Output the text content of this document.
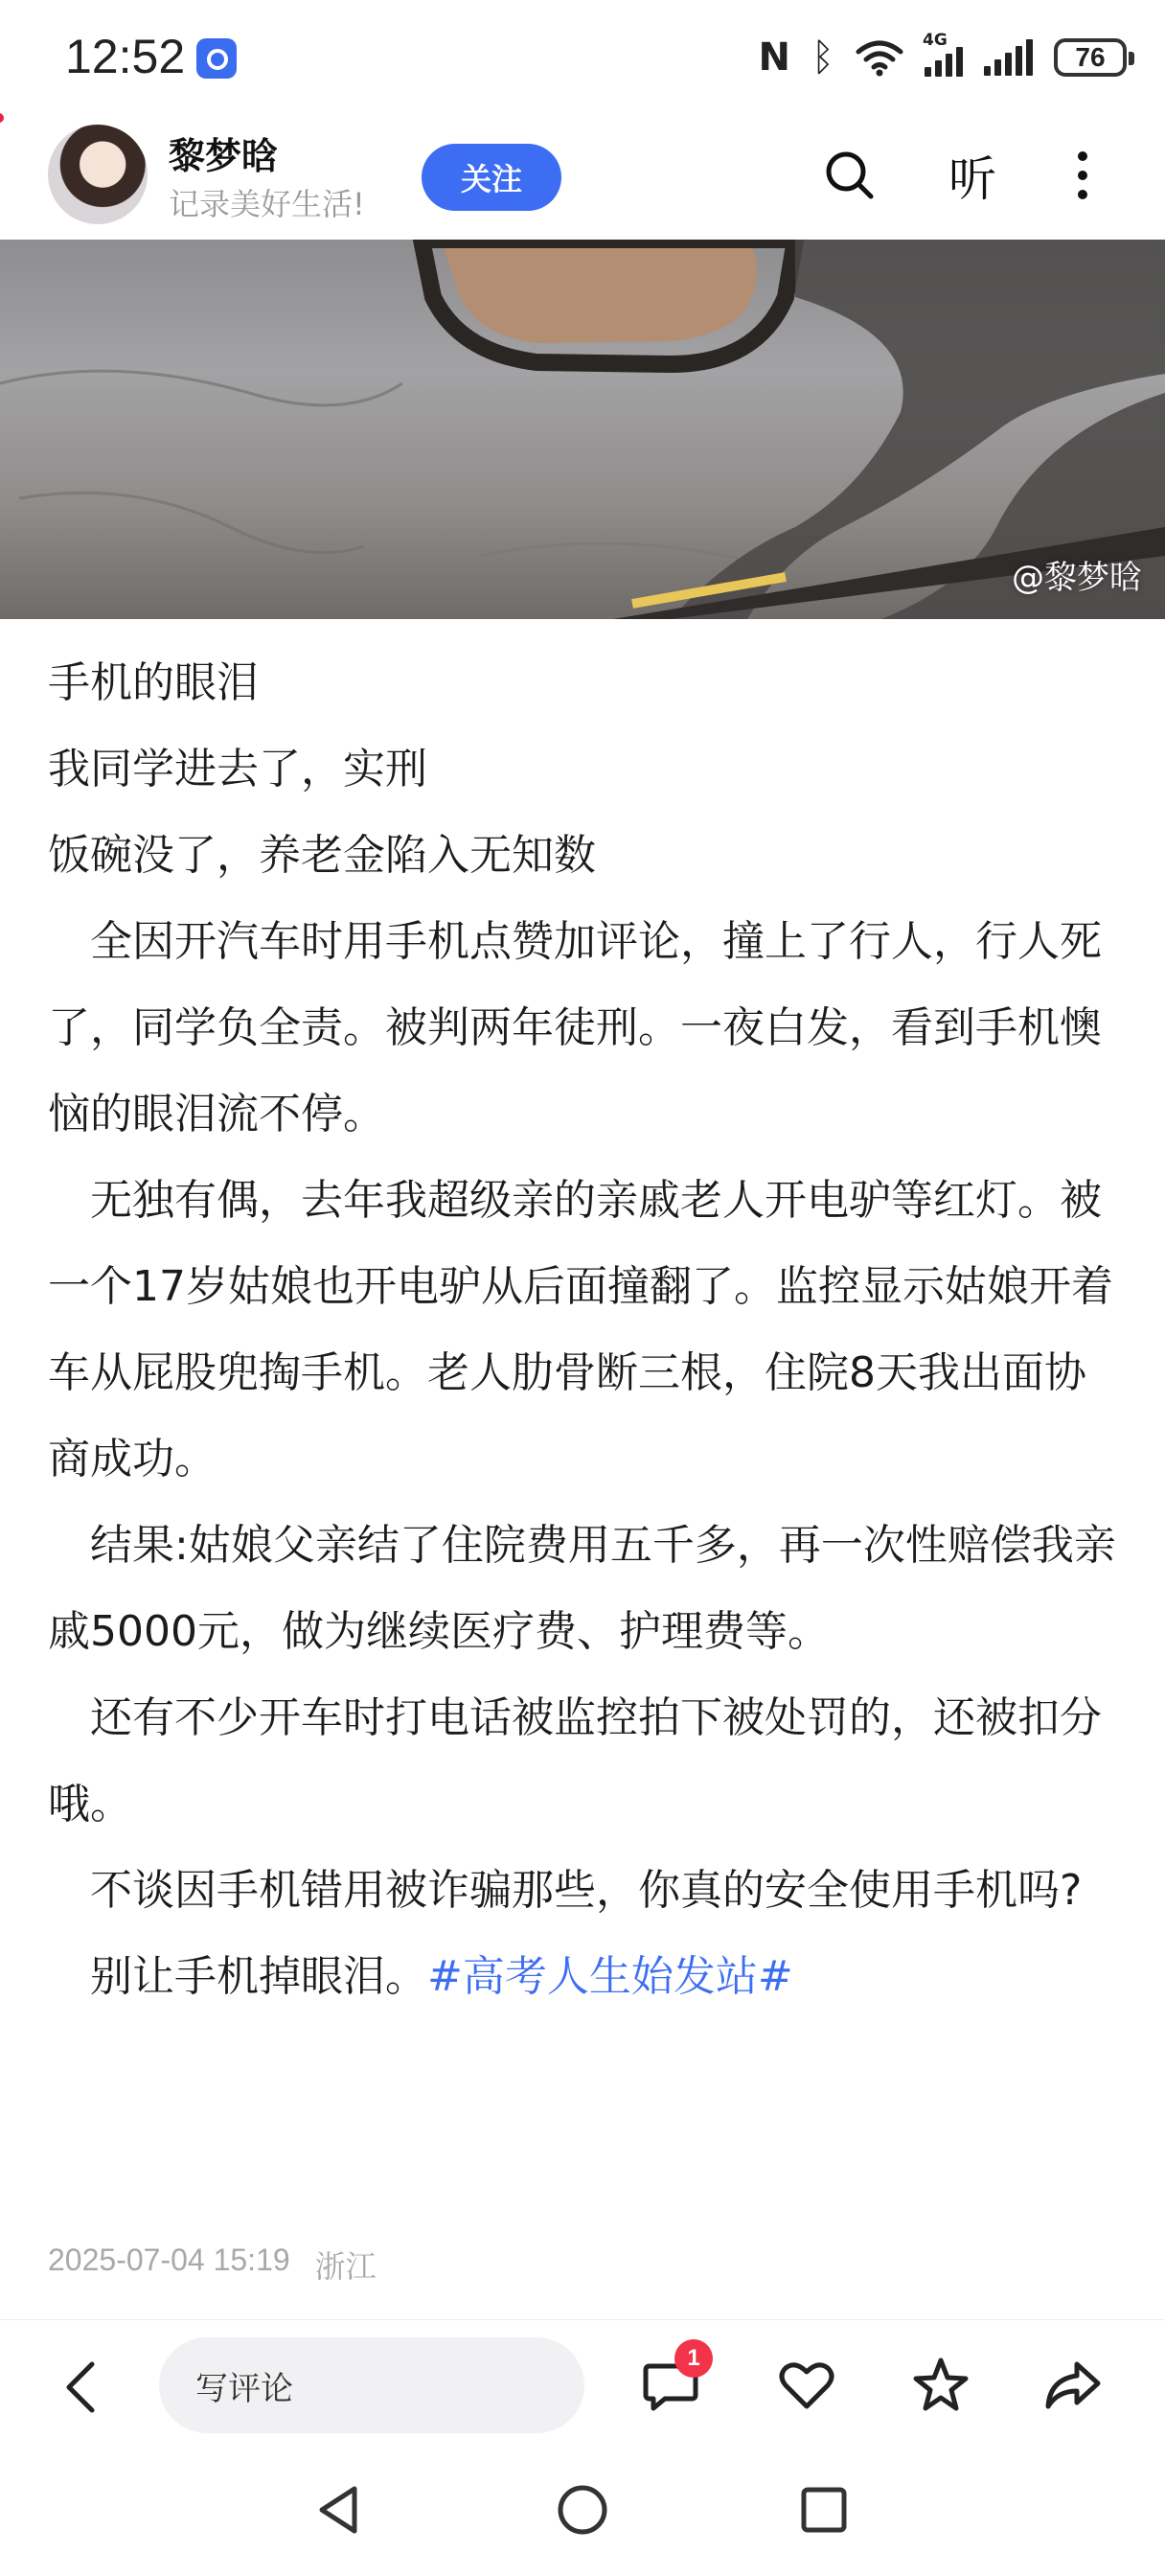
12:52	N ᛒ	4G
76
黎梦晗
记录美好生活!
关注	听
@黎梦晗

手机的眼泪

我同学进去了，实刑

饭碗没了，养老金陷入无知数

　全因开汽车时用手机点赞加评论，撞上了行人，行人死了，同学负全责。被判两年徒刑。一夜白发，看到手机懊恼的眼泪流不停。

　无独有偶，去年我超级亲的亲戚老人开电驴等红灯。被一个17岁姑娘也开电驴从后面撞翻了。监控显示姑娘开着车从屁股兜掏手机。老人肋骨断三根，住院8天我出面协商成功。

　结果:姑娘父亲结了住院费用五千多，再一次性赔偿我亲戚5000元，做为继续医疗费、护理费等。

　还有不少开车时打电话被监控拍下被处罚的，还被扣分哦。

　不谈因手机错用被诈骗那些，你真的安全使用手机吗?

　别让手机掉眼泪。#高考人生始发站#

2025-07-04 15:19 浙江
写评论
1
